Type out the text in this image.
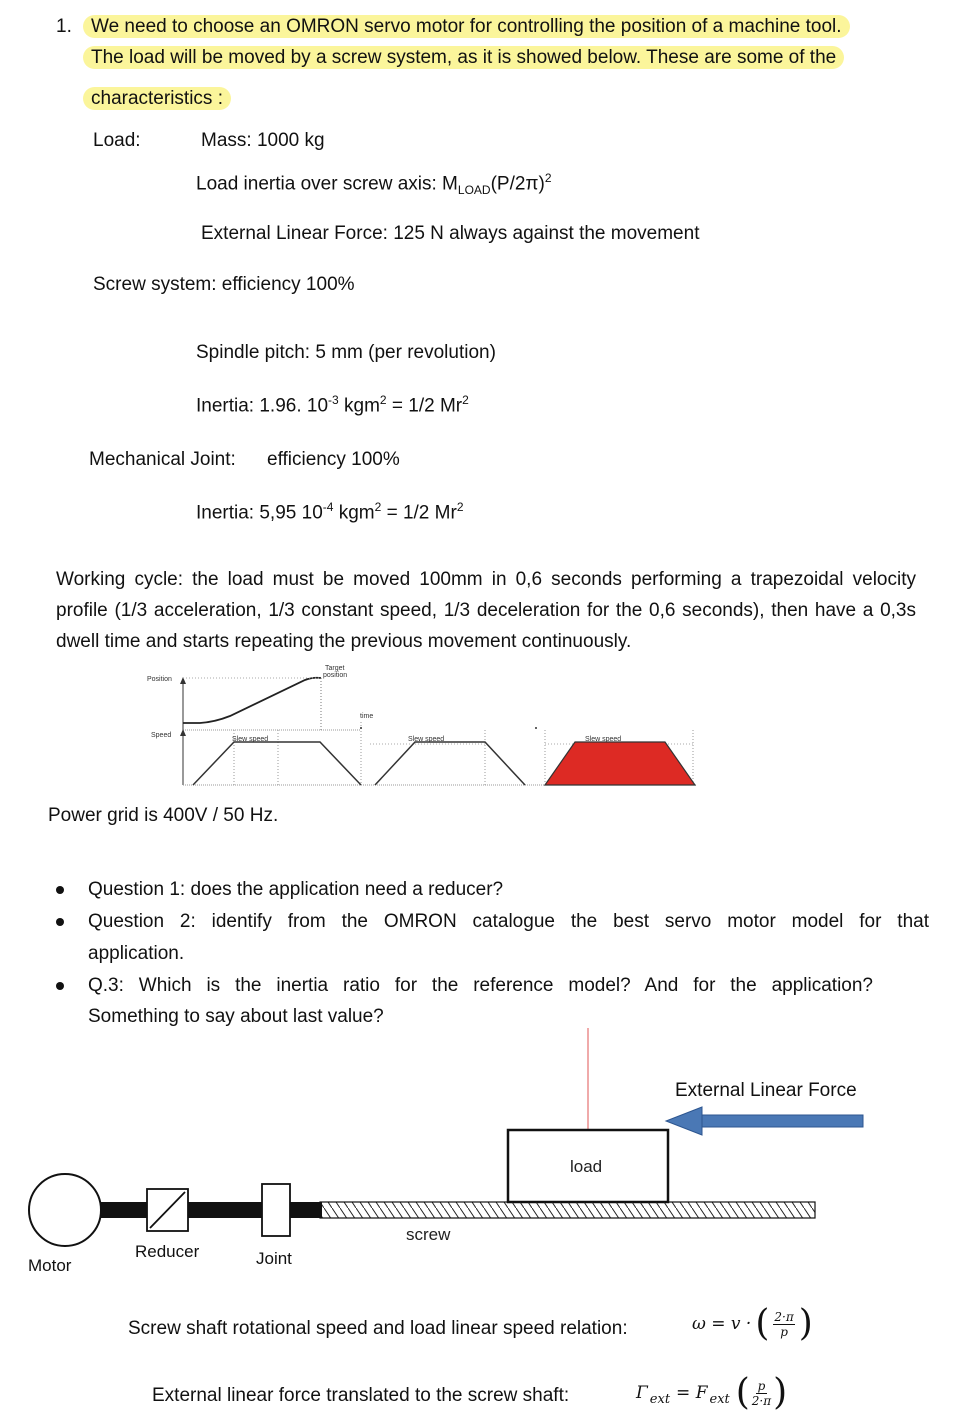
1.	We need to choose an OMRON servo motor for controlling the position of a machine tool.
The load will be moved by a screw system, as it is showed below. These are some of the
characteristics :
Load:	Mass: 1000 kg
Load inertia over screw axis: $M_{LOAD}(P/2\pi)^2$
External Linear Force: 125 N always against the movement
Screw system: efficiency 100%
Spindle pitch: 5 mm (per revolution)
Inertia: 1.96. $10^{-3}$ kgm$^2$ = 1/2 Mr$^2$
Mechanical Joint: efficiency 100%
Inertia: 5,95 $10^{-4}$ kgm$^2$ = 1/2 Mr$^2$
Working cycle: the load must be moved 100mm in 0,6 seconds performing a trapezoidal velocity profile (1/3 acceleration, 1/3 constant speed, 1/3 deceleration for the 0,6 seconds), then have a 0,3s dwell time and starts repeating the previous movement continuously.
Position
Target
position
time
Speed
Slew speed	Slew speed	Slew speed
Power grid is 400V / 50 Hz.
Question 1: does the application need a reducer?
Question 2: identify from the OMRON catalogue the best servo motor model for that
application.
Q.3: Which is the inertia ratio for the reference model? And for the application?
Something to say about last value?
External Linear Force
load
screw
Reducer	Joint
Motor
Screw shaft rotational speed and load linear speed relation:	ω = v · ( $\frac{2\cdot\pi}{p}$ )
External linear force translated to the screw shaft:	Γ ext = F ext ( $\frac{p}{2\cdot\pi}$ )
